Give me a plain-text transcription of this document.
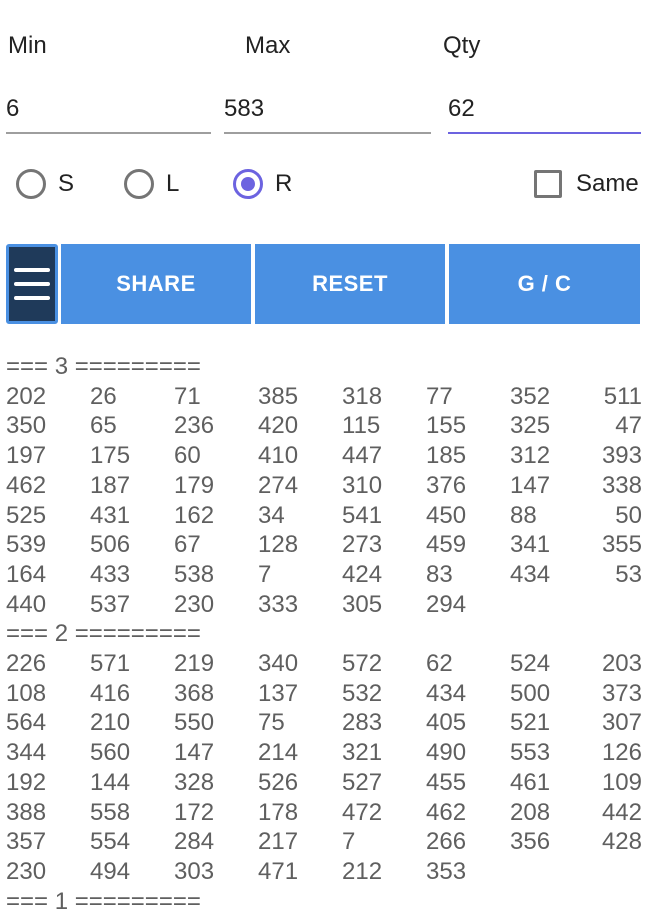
Min	Max	Qty
6
583
62
S	L	R	Same
SHARE	RESET	G / C
=== 3 =========
202	26	71	385	318	77	352	511
350	65	236	420	115	155	325	47
197	175	60	410	447	185	312	393
462	187	179	274	310	376	147	338
525	431	162	34	541	450	88	50
539	506	67	128	273	459	341	355
164	433	538	7	424	83	434	53
440	537	230	333	305	294
=== 2 =========
226	571	219	340	572	62	524	203
108	416	368	137	532	434	500	373
564	210	550	75	283	405	521	307
344	560	147	214	321	490	553	126
192	144	328	526	527	455	461	109
388	558	172	178	472	462	208	442
357	554	284	217	7	266	356	428
230	494	303	471	212	353
=== 1 =========
